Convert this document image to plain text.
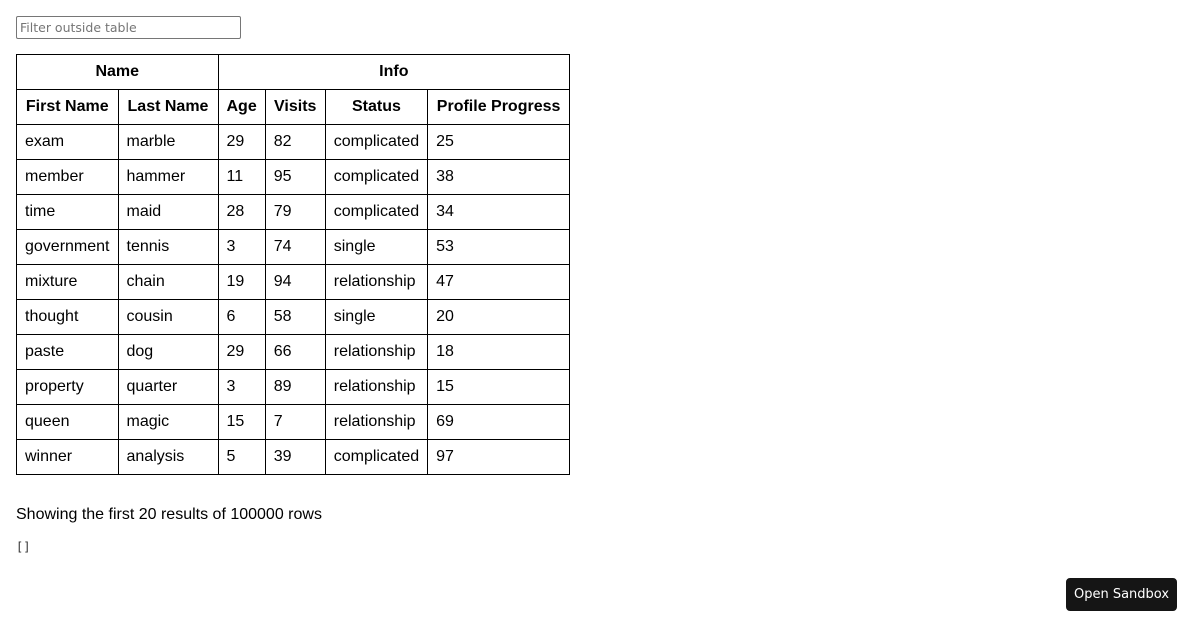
Filter outside table
Name		Info			
First Name	Last Name	Age	Visits	Status	Profile Progress
exam	marble	29	82	complicated	25
member	hammer	11	95	complicated	38
time	maid	28	79	complicated	34
government	tennis	3	74	single	53
mixture	chain	19	94	relationship	47
thought	cousin	6	58	single	20
paste	dog	29	66	relationship	18
property	quarter	3	89	relationship	15
queen	magic	15	7	relationship	69
winner	analysis	5	39	complicated	97
Showing the first 20 results of 100000 rows
[]
Open Sandbox
